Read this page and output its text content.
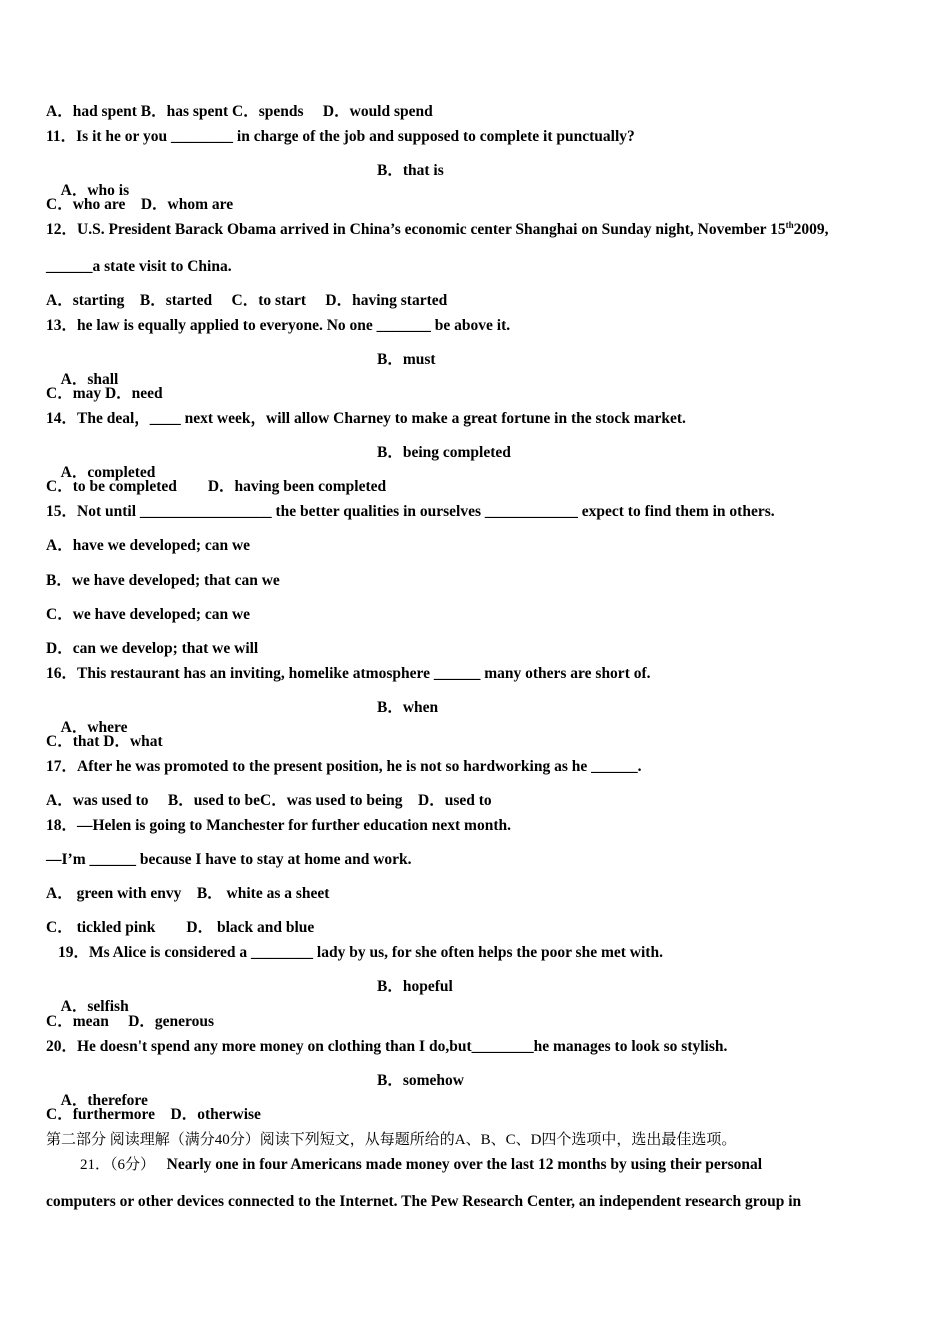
A．had spent B．has spent C．spends　 D．would spend
11．Is it he or you ________ in charge of the job and supposed to complete it punctually?

A．who is

B．that is

C．who are　D．whom are
12．U.S. President Barack Obama arrived in China’s economic center Shanghai on Sunday night, November 15th2009,
______a state visit to China.
A．starting　B．started　 C．to start　 D．having started
13．he law is equally applied to everyone. No one _______ be above it.

A．shall

B．must

C．may D．need
14．The deal，____ next week，will allow Charney to make a great fortune in the stock market.

A．completed

B．being completed

C．to be completed　　D．having been completed
15．Not until _________________ the better qualities in ourselves ____________ expect to find them in others.
A．have we developed; can we
B．we have developed; that can we
C．we have developed; can we
D．can we develop; that we will
16．This restaurant has an inviting, homelike atmosphere ______ many others are short of.

A．where

B．when

C．that D．what
17．After he was promoted to the present position, he is not so hardworking as he ______.
A．was used to　 B．used to beC．was used to being　D．used to
18．—Helen is going to Manchester for further education next month.
—I’m ______ because I have to stay at home and work.
A． green with envy　B． white as a sheet
C． tickled pink　　D． black and blue
19．Ms Alice is considered a ________ lady by us, for she often helps the poor she met with.

A．selfish

B．hopeful

C．mean　 D．generous
20．He doesn't spend any more money on clothing than I do,but________he manages to look so stylish.

A．therefore

B．somehow

C．furthermore　D．otherwise
第二部分 阅读理解（满分40分）阅读下列短文，从每题所给的A、B、C、D四个选项中，选出最佳选项。
21．（6分） Nearly one in four Americans made money over the last 12 months by using their personal
computers or other devices connected to the Internet. The Pew Research Center, an independent research group in
